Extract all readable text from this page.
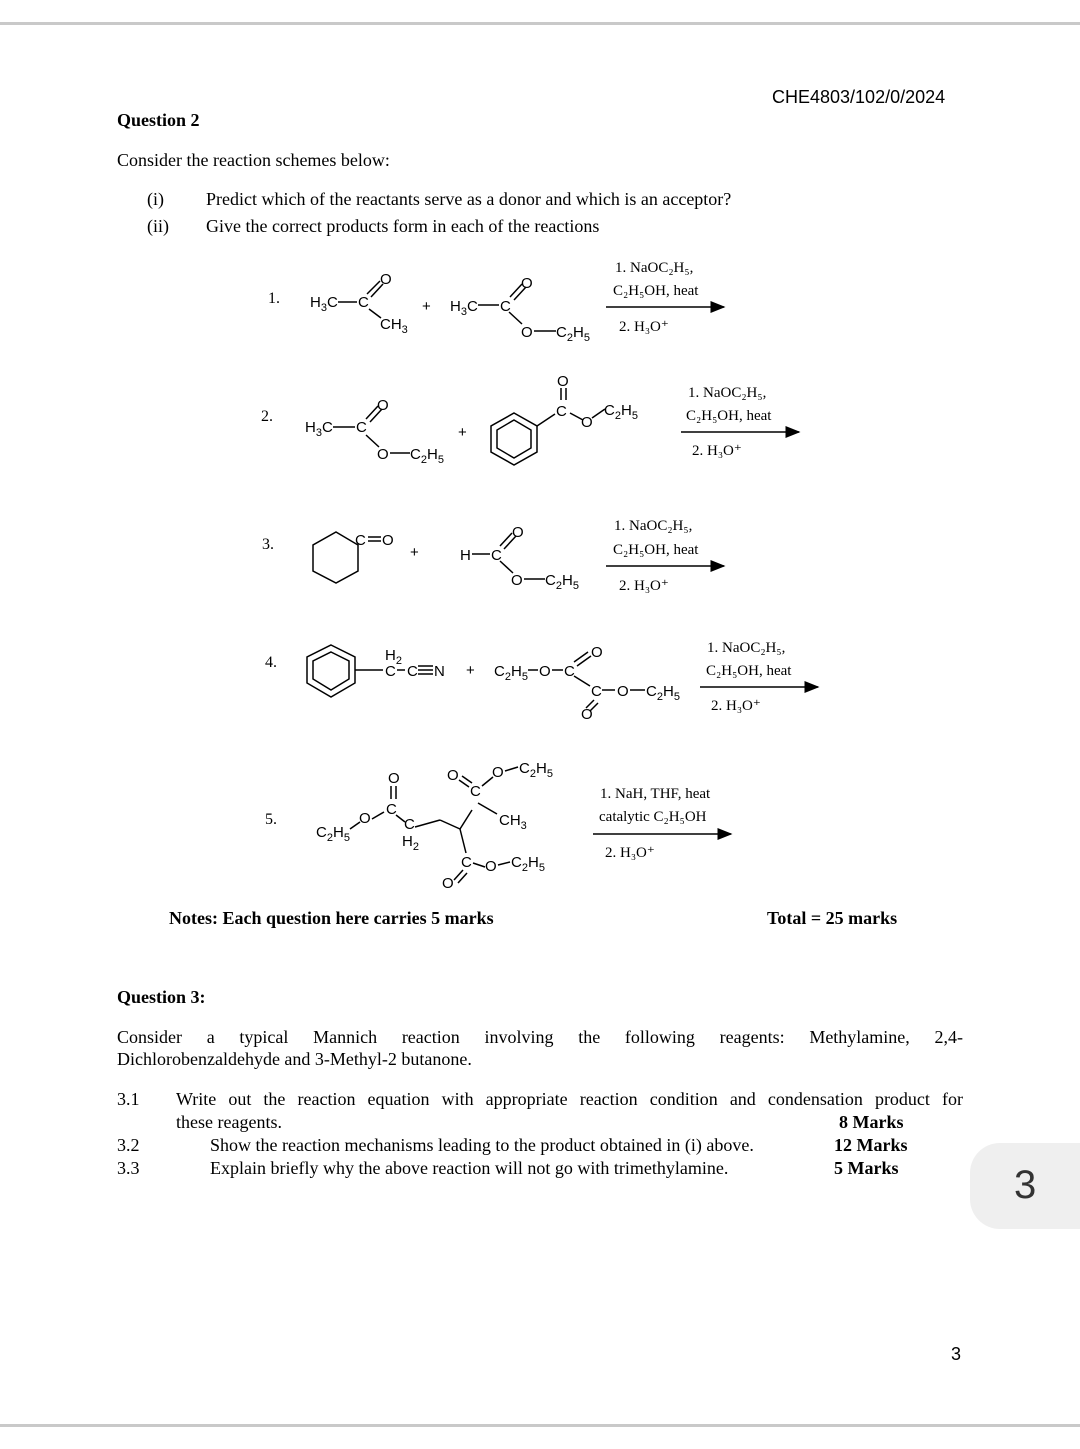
CHE4803/102/0/2024
Question 2
Consider the reaction schemes below:
(i) Predict which of the reactants serve as a donor and which is an acceptor?
(ii) Give the correct products form in each of the reactions
1.
2.
3.
4.
5.
1. NaOC₂H₅,
C₂H₅OH, heat
2. H₃O⁺
1. NaOC₂H₅,
C₂H₅OH, heat
2. H₃O⁺
1. NaOC₂H₅,
C₂H₅OH, heat
2. H₃O⁺
1. NaOC₂H₅,
C₂H₅OH, heat
2. H₃O⁺
1. NaH, THF, heat
catalytic C₂H₅OH
2. H₃O⁺
$H_3C$ C
O
$CH_3$
+ $H_3C$ C
O
O $C_2H_5$
$H_3C$ C
O
O $C_2H_5$
+
C
O
O
$C_2H_5$
C O
+	H C
O
O $C_2H_5$
$H_2$
C C $N + C_2H_5$ O C
O
C O $C_2H_5$
O
$C_2H_5$
O
C
O
C
$H_2$
C
O O $C_2H_5$
$CH_3$
C
O
O $C_2H_5$
Notes: Each question here carries 5 marks	Total = 25 marks
Question 3:
Consider a typical Mannich reaction involving the following reagents: Methylamine, 2,4-
Dichlorobenzaldehyde and 3-Methyl-2 butanone.
3.1 Write out the reaction equation with appropriate reaction condition and condensation product for
these reagents.	8 Marks
3.2	Show the reaction mechanisms leading to the product obtained in (i) above.	12 Marks
3.3	Explain briefly why the above reaction will not go with trimethylamine.	5 Marks	3
3
